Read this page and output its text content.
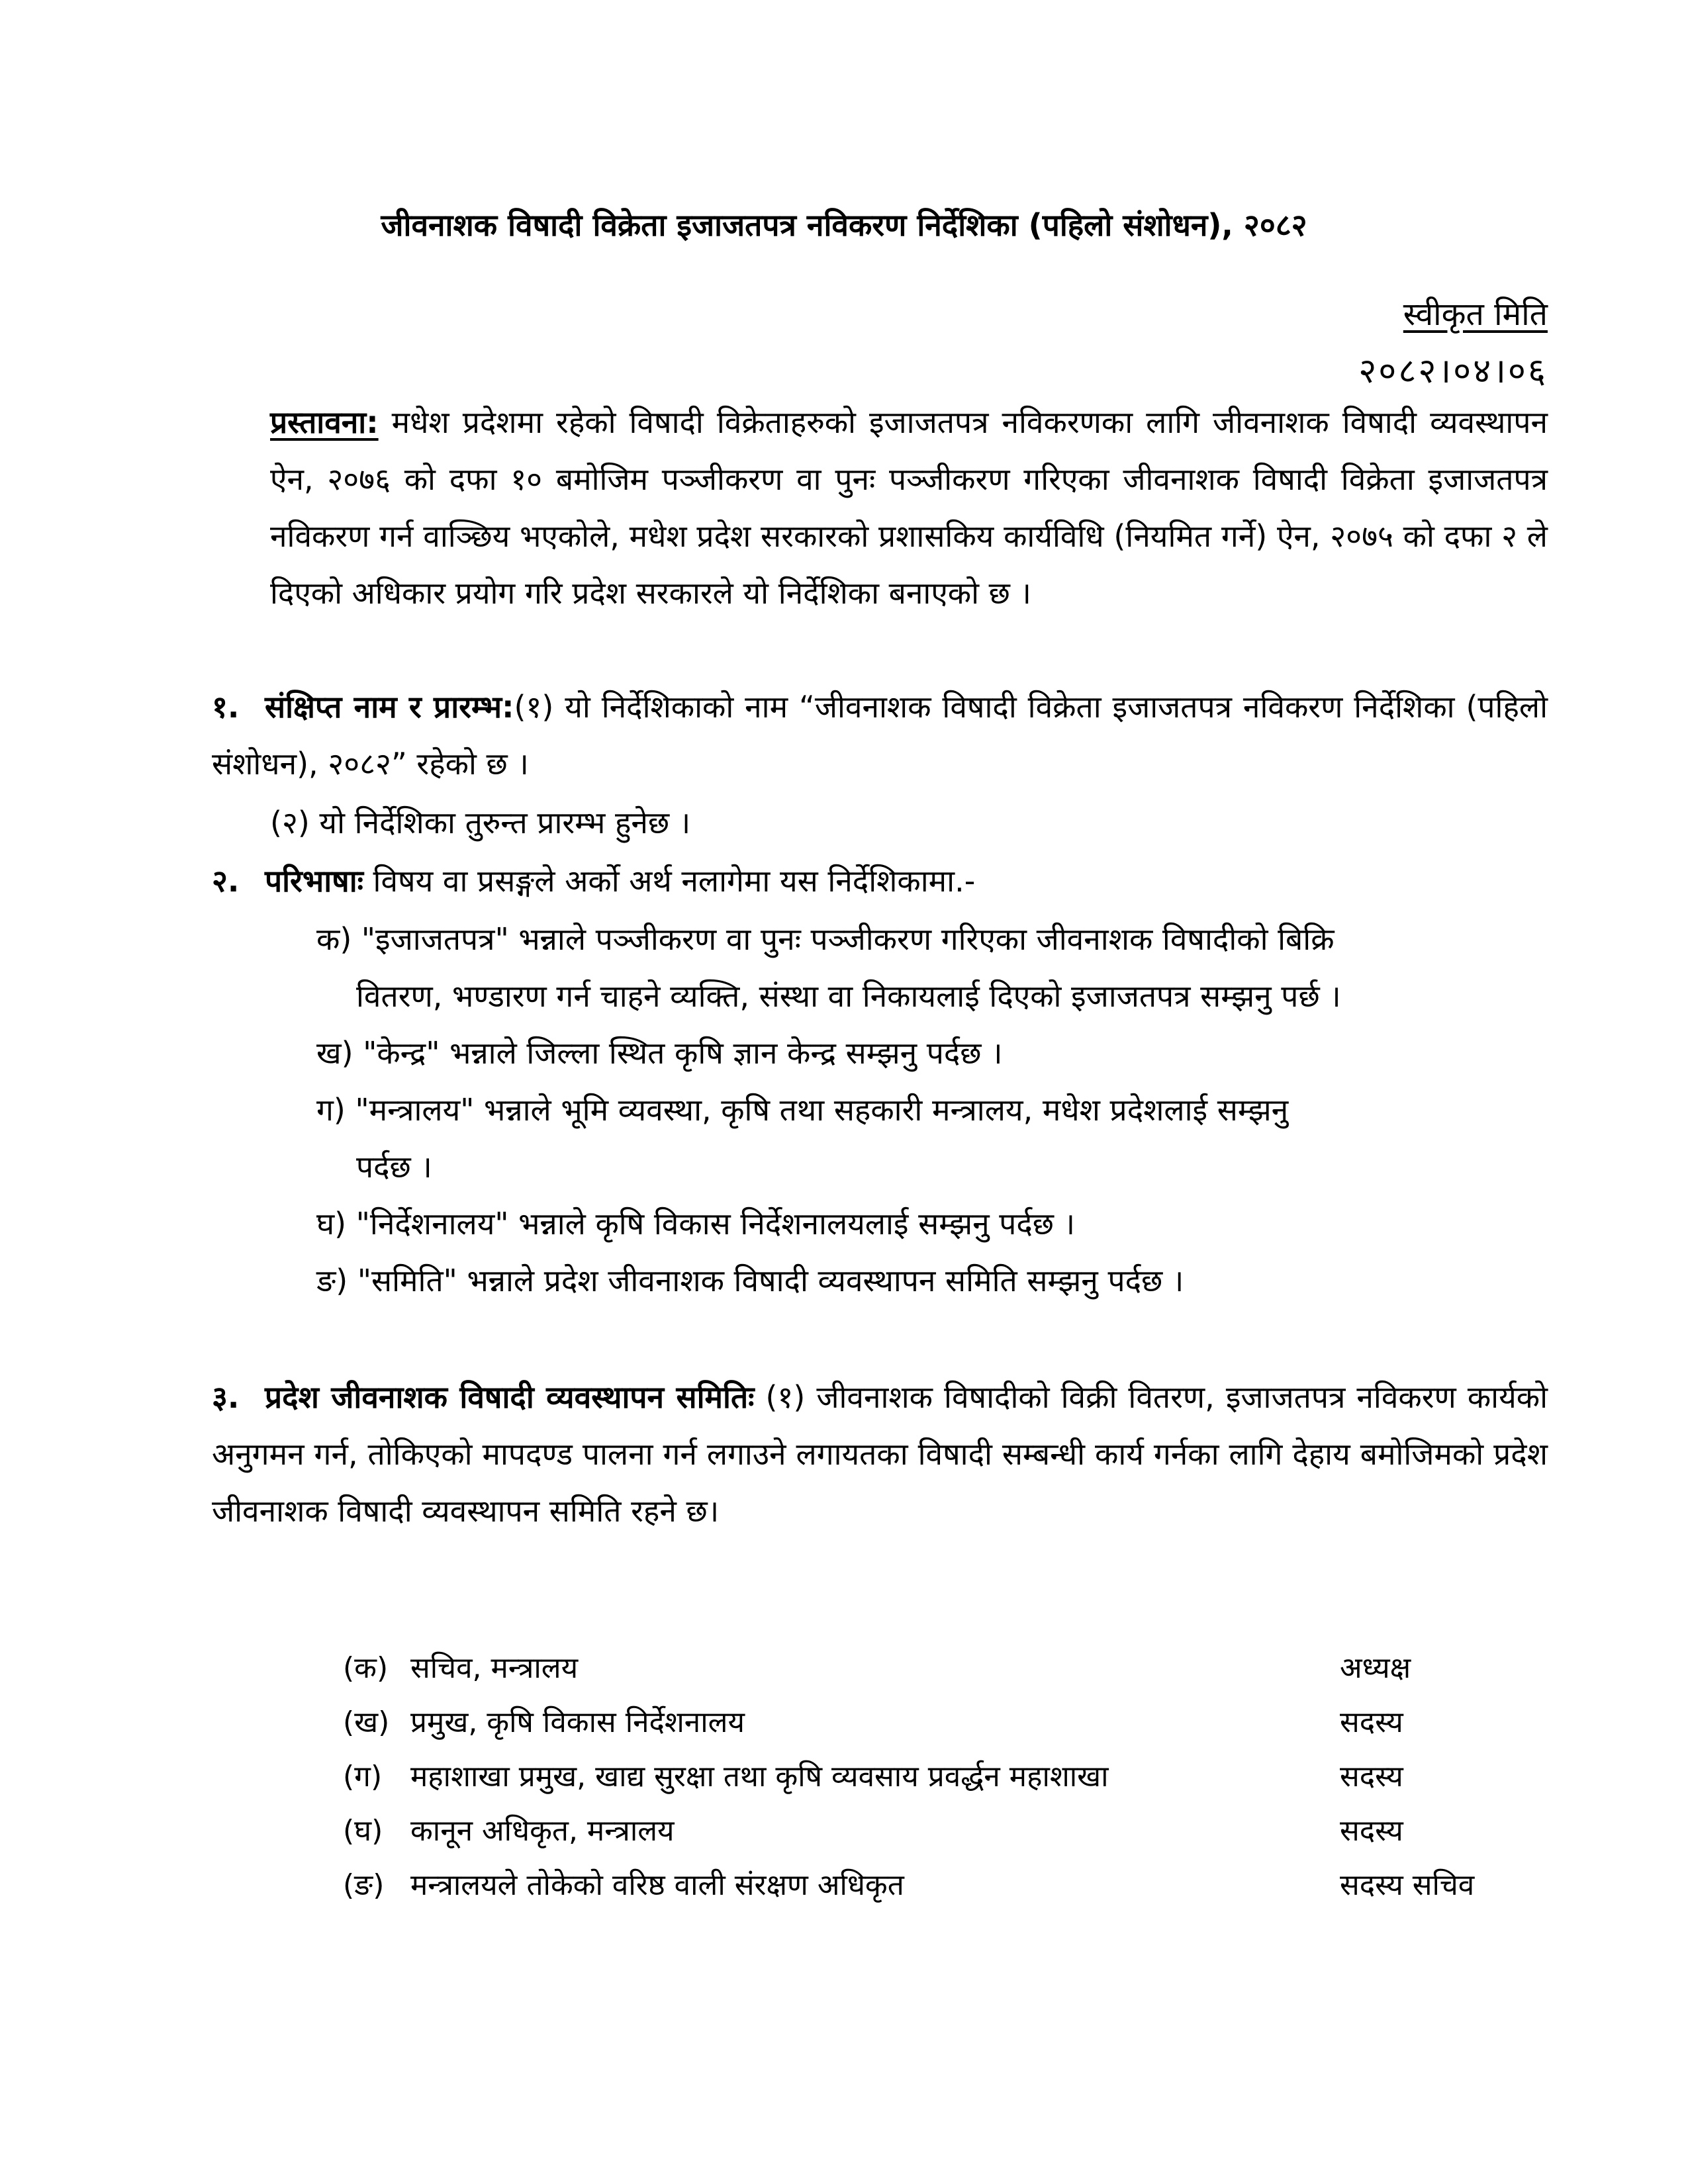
जीवनाशक विषादी विक्रेता इजाजतपत्र नविकरण निर्देशिका (पहिलो संशोधन), २०८२
स्वीकृत मिति
२०८२।०४।०६
प्रस्तावना: मधेश प्रदेशमा रहेको विषादी विक्रेताहरुको इजाजतपत्र नविकरणका लागि जीवनाशक विषादी व्यवस्थापन ऐन, २०७६ को दफा १० बमोजिम पञ्जीकरण वा पुनः पञ्जीकरण गरिएका जीवनाशक विषादी विक्रेता इजाजतपत्र नविकरण गर्न वाञ्छिय भएकोले, मधेश प्रदेश सरकारको प्रशासकिय कार्यविधि (नियमित गर्ने) ऐन, २०७५ को दफा २ ले दिएको अधिकार प्रयोग गरि प्रदेश सरकारले यो निर्देशिका बनाएको छ ।
१. संक्षिप्त नाम र प्रारम्भ:(१) यो निर्देशिकाको नाम “जीवनाशक विषादी विक्रेता इजाजतपत्र नविकरण निर्देशिका (पहिलो संशोधन), २०८२” रहेको छ ।
(२) यो निर्देशिका तुरुन्त प्रारम्भ हुनेछ ।
२. परिभाषाः विषय वा प्रसङ्गले अर्को अर्थ नलागेमा यस निर्देशिकामा.-
क) "इजाजतपत्र" भन्नाले पञ्जीकरण वा पुनः पञ्जीकरण गरिएका जीवनाशक विषादीको बिक्रि
वितरण, भण्डारण गर्न चाहने व्यक्ति, संस्था वा निकायलाई दिएको इजाजतपत्र सम्झनु पर्छ ।
ख) "केन्द्र" भन्नाले जिल्ला स्थित कृषि ज्ञान केन्द्र सम्झनु पर्दछ ।
ग) "मन्त्रालय" भन्नाले भूमि व्यवस्था, कृषि तथा सहकारी मन्त्रालय, मधेश प्रदेशलाई सम्झनु
पर्दछ ।
घ) "निर्देशनालय" भन्नाले कृषि विकास निर्देशनालयलाई सम्झनु पर्दछ ।
ङ) "समिति" भन्नाले प्रदेश जीवनाशक विषादी व्यवस्थापन समिति सम्झनु पर्दछ ।
३. प्रदेश जीवनाशक विषादी व्यवस्थापन समितिः (१) जीवनाशक विषादीको विक्री वितरण, इजाजतपत्र नविकरण कार्यको अनुगमन गर्न, तोकिएको मापदण्ड पालना गर्न लगाउने लगायतका विषादी सम्बन्धी कार्य गर्नका लागि देहाय बमोजिमको प्रदेश जीवनाशक विषादी व्यवस्थापन समिति रहने छ।
(क) सचिव, मन्त्रालय	अध्यक्ष
(ख) प्रमुख, कृषि विकास निर्देशनालय	सदस्य
(ग) महाशाखा प्रमुख, खाद्य सुरक्षा तथा कृषि व्यवसाय प्रवर्द्धन महाशाखा	सदस्य
(घ) कानून अधिकृत, मन्त्रालय	सदस्य
(ङ) मन्त्रालयले तोकेको वरिष्ठ वाली संरक्षण अधिकृत	सदस्य सचिव
